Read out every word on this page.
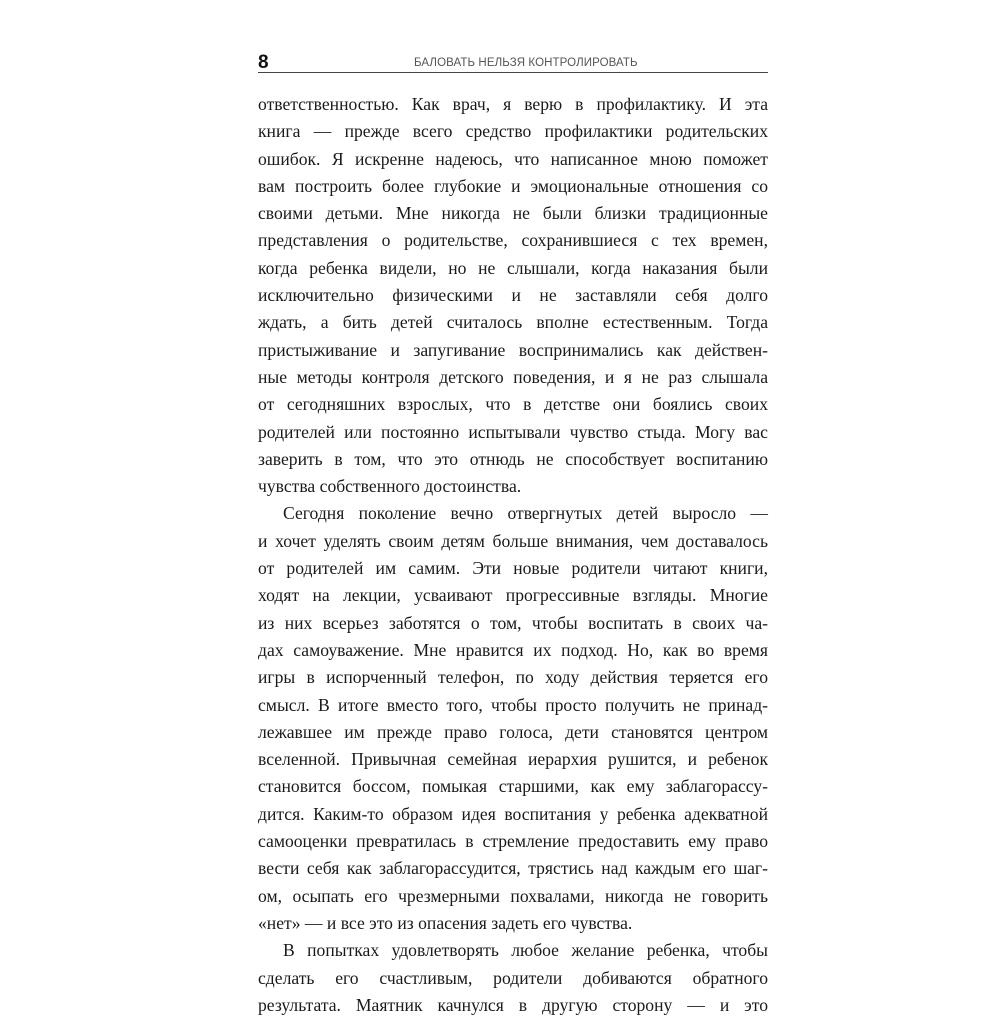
8	БАЛОВАТЬ НЕЛЬЗЯ КОНТРОЛИРОВАТЬ
ответственностью. Как врач, я верю в профилактику. И эта
книга — прежде всего средство профилактики родительских
ошибок. Я искренне надеюсь, что написанное мною поможет
вам построить более глубокие и эмоциональные отношения со
своими детьми. Мне никогда не были близки традиционные
представления о родительстве, сохранившиеся с тех времен,
когда ребенка видели, но не слышали, когда наказания были
исключительно физическими и не заставляли себя долго
ждать, а бить детей считалось вполне естественным. Тогда
пристыживание и запугивание воспринимались как действен-
ные методы контроля детского поведения, и я не раз слышала
от сегодняшних взрослых, что в детстве они боялись своих
родителей или постоянно испытывали чувство стыда. Могу вас
заверить в том, что это отнюдь не способствует воспитанию
чувства собственного достоинства.
Сегодня поколение вечно отвергнутых детей выросло —
и хочет уделять своим детям больше внимания, чем доставалось
от родителей им самим. Эти новые родители читают книги,
ходят на лекции, усваивают прогрессивные взгляды. Многие
из них всерьез заботятся о том, чтобы воспитать в своих ча-
дах самоуважение. Мне нравится их подход. Но, как во время
игры в испорченный телефон, по ходу действия теряется его
смысл. В итоге вместо того, чтобы просто получить не принад-
лежавшее им прежде право голоса, дети становятся центром
вселенной. Привычная семейная иерархия рушится, и ребенок
становится боссом, помыкая старшими, как ему заблагорассу-
дится. Каким-то образом идея воспитания у ребенка адекватной
самооценки превратилась в стремление предоставить ему право
вести себя как заблагорассудится, трястись над каждым его шаг-
ом, осыпать его чрезмерными похвалами, никогда не говорить
«нет» — и все это из опасения задеть его чувства.
В попытках удовлетворять любое желание ребенка, чтобы
сделать его счастливым, родители добиваются обратного
результата. Маятник качнулся в другую сторону — и это
